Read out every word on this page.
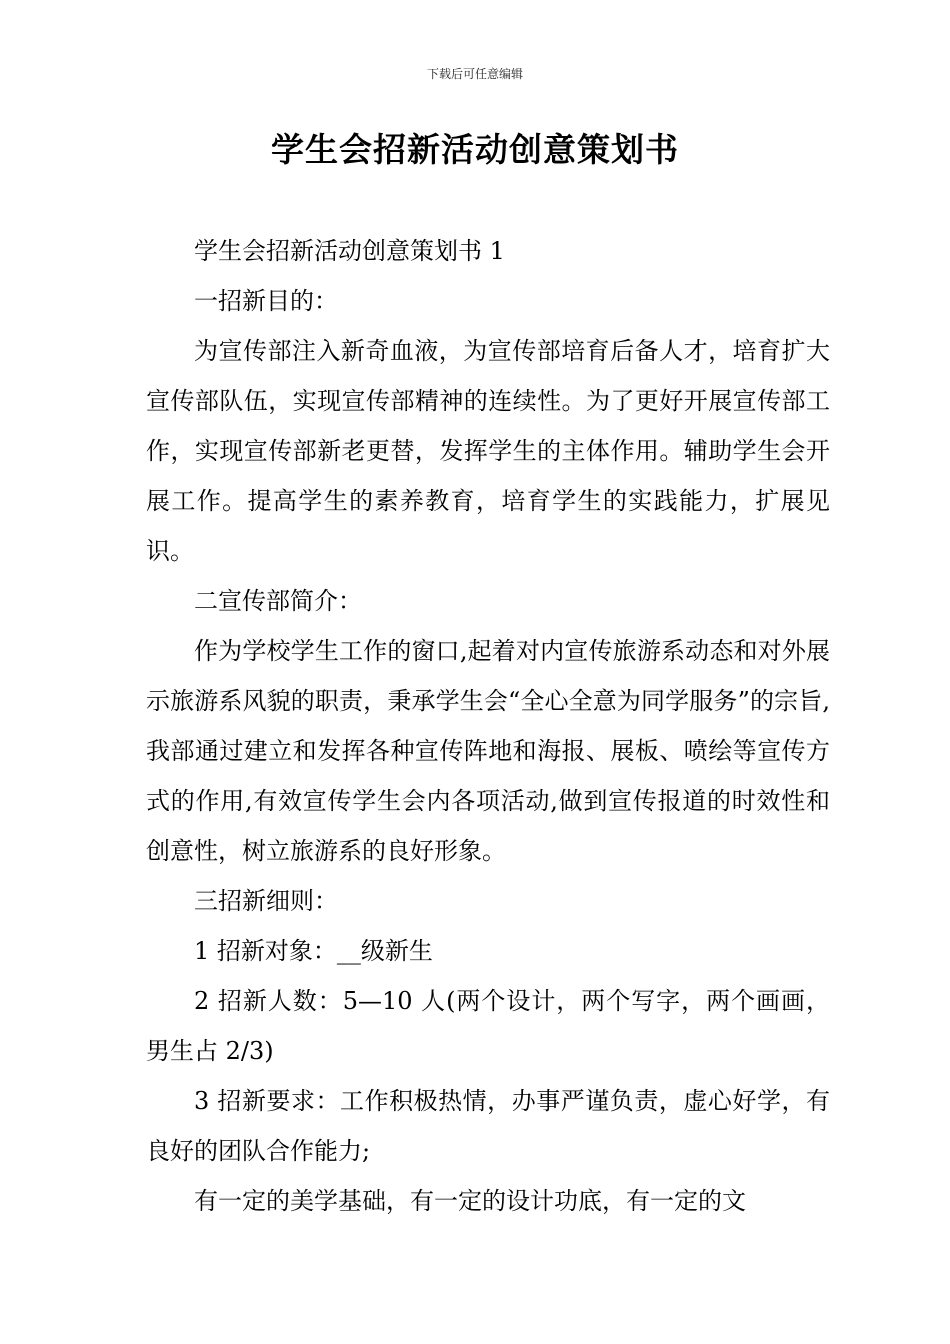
下载后可任意编辑
学生会招新活动创意策划书

学生会招新活动创意策划书 1

一招新目的：

为宣传部注入新奇血液，为宣传部培育后备人才，培育扩大宣传部队伍，实现宣传部精神的连续性。为了更好开展宣传部工作，实现宣传部新老更替，发挥学生的主体作用。辅助学生会开展工作。提高学生的素养教育，培育学生的实践能力，扩展见识。

二宣传部简介：

作为学校学生工作的窗口,起着对内宣传旅游系动态和对外展示旅游系风貌的职责，秉承学生会“全心全意为同学服务”的宗旨,我部通过建立和发挥各种宣传阵地和海报、展板、喷绘等宣传方式的作用,有效宣传学生会内各项活动,做到宣传报道的时效性和创意性，树立旅游系的良好形象。

三招新细则：

1 招新对象：__级新生

2 招新人数：5—10 人(两个设计，两个写字，两个画画，男生占 2/3)

3 招新要求：工作积极热情，办事严谨负责，虚心好学，有良好的团队合作能力;

有一定的美学基础，有一定的设计功底，有一定的文
